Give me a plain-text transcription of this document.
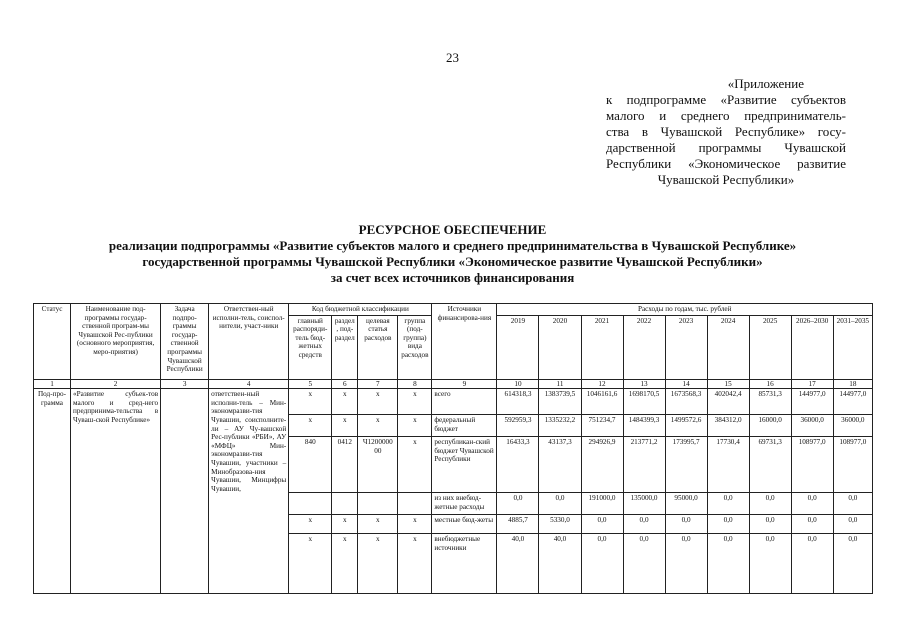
23
«Приложение
к подпрограмме «Развитие субъектов
малого и среднего предприниматель-
ства в Чувашской Республике» госу-
дарственной программы Чувашской
Республики «Экономическое развитие
Чувашской Республики»
РЕСУРСНОЕ ОБЕСПЕЧЕНИЕ
реализации подпрограммы «Развитие субъектов малого и среднего предпринимательства в Чувашской Республике»
государственной программы Чувашской Республики «Экономическое развитие Чувашской Республики»
за счет всех источников финансирования
Статус	Наименование под-программы государ-ственной програм-мы Чувашской Рес-публики (основного мероприятия, меро-приятия)	Задача подпро-граммы государ-ственной программы Чувашской Республики	Ответствен-ный исполни-тель, соиспол-нители, участ-ники	Код бюджетной классификации				Источники финансирова-ния	Расходы по годам, тыс. рублей								
				главный распоряди-тель бюд-жетных средств	раздел, под-раздел	целевая статья расходов	группа (под-группа) вида расходов		2019	2020	2021	2022	2023	2024	2025	2026–2030	2031–2035
1	2	3	4	5	6	7	8	9	10	11	12	13	14	15	16	17	18
Под-про-грамма	«Развитие субъек-тов малого и сред-него предпринима-тельства в Чуваш-ской Республике»		ответствен-ный исполни-тель – Мин-экономразви-тия Чувашии, соисполните-ли – АУ Чу-вашской Рес-публики «РБИ», АУ «МФЦ» Мин-экономразви-тия Чувашии, участники – Минобразова-ния Чувашии, Минцифры Чувашии,	x	x	x	x	всего	614318,3	1383739,5	1046161,6	1698170,5	1673568,3	402042,4	85731,3	144977,0	144977,0
				x	x	x	x	федеральный бюджет	592959,3	1335232,2	751234,7	1484399,3	1499572,6	384312,0	16000,0	36000,0	36000,0
				840	0412	Ч1200000 00	x	республикан-ский бюджет Чувашской Республики	16433,3	43137,3	294926,9	213771,2	173995,7	17730,4	69731,3	108977,0	108977,0
								из них внебюд-жетные расходы	0,0	0,0	191000,0	135000,0	95000,0	0,0	0,0	0,0	0,0
				x	x	x	x	местные бюд-жеты	4885,7	5330,0	0,0	0,0	0,0	0,0	0,0	0,0	0,0
				x	x	x	x	внебюджетные источники	40,0	40,0	0,0	0,0	0,0	0,0	0,0	0,0	0,0
